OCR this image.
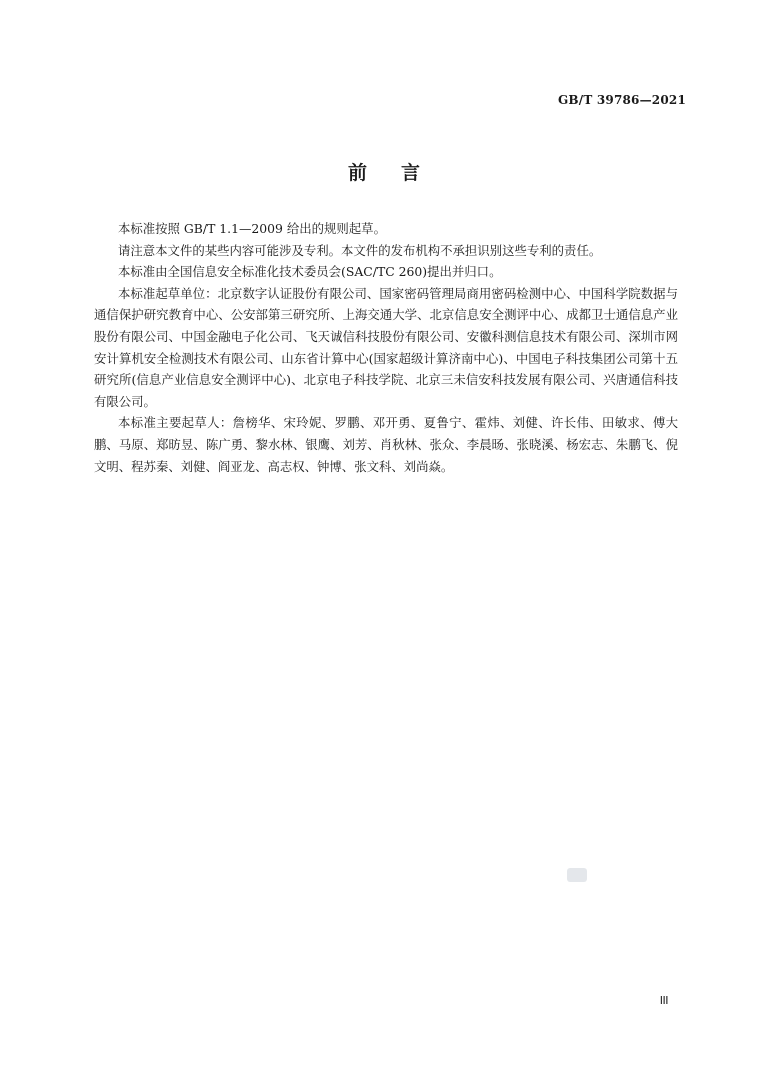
GB/T 39786—2021
前言

本标准按照 GB/T 1.1—2009 给出的规则起草。

请注意本文件的某些内容可能涉及专利。本文件的发布机构不承担识别这些专利的责任。

本标准由全国信息安全标准化技术委员会(SAC/TC 260)提出并归口。

本标准起草单位：北京数字认证股份有限公司、国家密码管理局商用密码检测中心、中国科学院数据与通信保护研究教育中心、公安部第三研究所、上海交通大学、北京信息安全测评中心、成都卫士通信息产业股份有限公司、中国金融电子化公司、飞天诚信科技股份有限公司、安徽科测信息技术有限公司、深圳市网安计算机安全检测技术有限公司、山东省计算中心(国家超级计算济南中心)、中国电子科技集团公司第十五研究所(信息产业信息安全测评中心)、北京电子科技学院、北京三未信安科技发展有限公司、兴唐通信科技有限公司。

本标准主要起草人：詹榜华、宋玲妮、罗鹏、邓开勇、夏鲁宁、霍炜、刘健、许长伟、田敏求、傅大鹏、马原、郑昉昱、陈广勇、黎水林、银鹰、刘芳、肖秋林、张众、李晨旸、张晓溪、杨宏志、朱鹏飞、倪文明、程苏秦、刘健、阎亚龙、高志权、钟博、张文科、刘尚焱。

III
